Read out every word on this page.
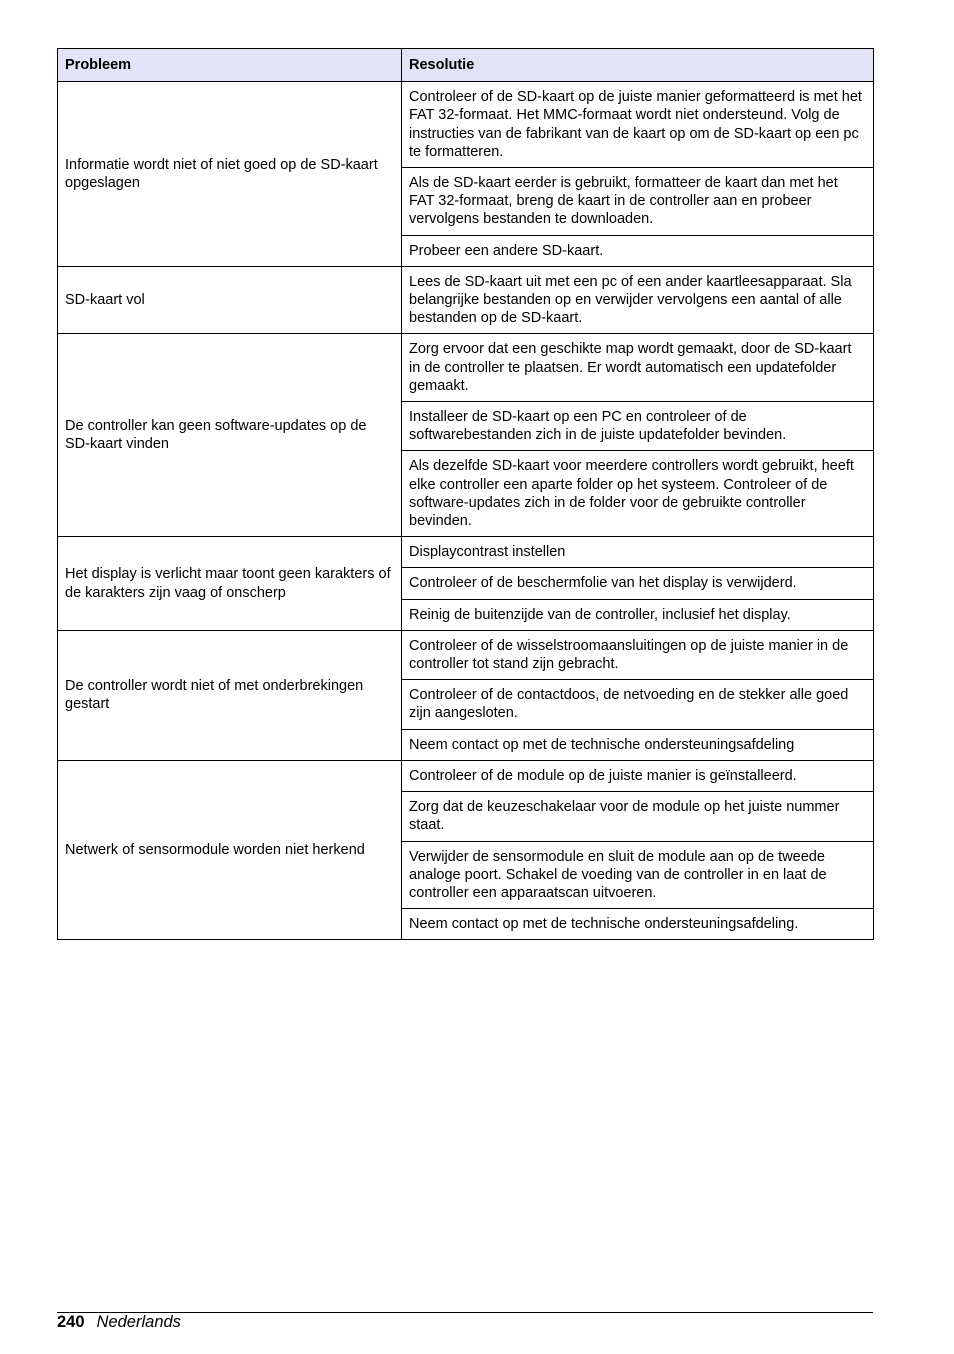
Probleem	Resolutie
Informatie wordt niet of niet goed op de SD-kaart opgeslagen	Controleer of de SD-kaart op de juiste manier geformatteerd is met het FAT 32-formaat. Het MMC-formaat wordt niet ondersteund. Volg de instructies van de fabrikant van de kaart op om de SD-kaart op een pc te formatteren.
	Als de SD-kaart eerder is gebruikt, formatteer de kaart dan met het FAT 32-formaat, breng de kaart in de controller aan en probeer vervolgens bestanden te downloaden.
	Probeer een andere SD-kaart.
SD-kaart vol	Lees de SD-kaart uit met een pc of een ander kaartleesapparaat. Sla belangrijke bestanden op en verwijder vervolgens een aantal of alle bestanden op de SD-kaart.
De controller kan geen software-updates op de SD-kaart vinden	Zorg ervoor dat een geschikte map wordt gemaakt, door de SD-kaart in de controller te plaatsen. Er wordt automatisch een updatefolder gemaakt.
	Installeer de SD-kaart op een PC en controleer of de softwarebestanden zich in de juiste updatefolder bevinden.
	Als dezelfde SD-kaart voor meerdere controllers wordt gebruikt, heeft elke controller een aparte folder op het systeem. Controleer of de software-updates zich in de folder voor de gebruikte controller bevinden.
Het display is verlicht maar toont geen karakters of de karakters zijn vaag of onscherp	Displaycontrast instellen
	Controleer of de beschermfolie van het display is verwijderd.
	Reinig de buitenzijde van de controller, inclusief het display.
De controller wordt niet of met onderbrekingen gestart	Controleer of de wisselstroomaansluitingen op de juiste manier in de controller tot stand zijn gebracht.
	Controleer of de contactdoos, de netvoeding en de stekker alle goed zijn aangesloten.
	Neem contact op met de technische ondersteuningsafdeling
Netwerk of sensormodule worden niet herkend	Controleer of de module op de juiste manier is geïnstalleerd.
	Zorg dat de keuzeschakelaar voor de module op het juiste nummer staat.
	Verwijder de sensormodule en sluit de module aan op de tweede analoge poort. Schakel de voeding van de controller in en laat de controller een apparaatscan uitvoeren.
	Neem contact op met de technische ondersteuningsafdeling.
240 Nederlands
